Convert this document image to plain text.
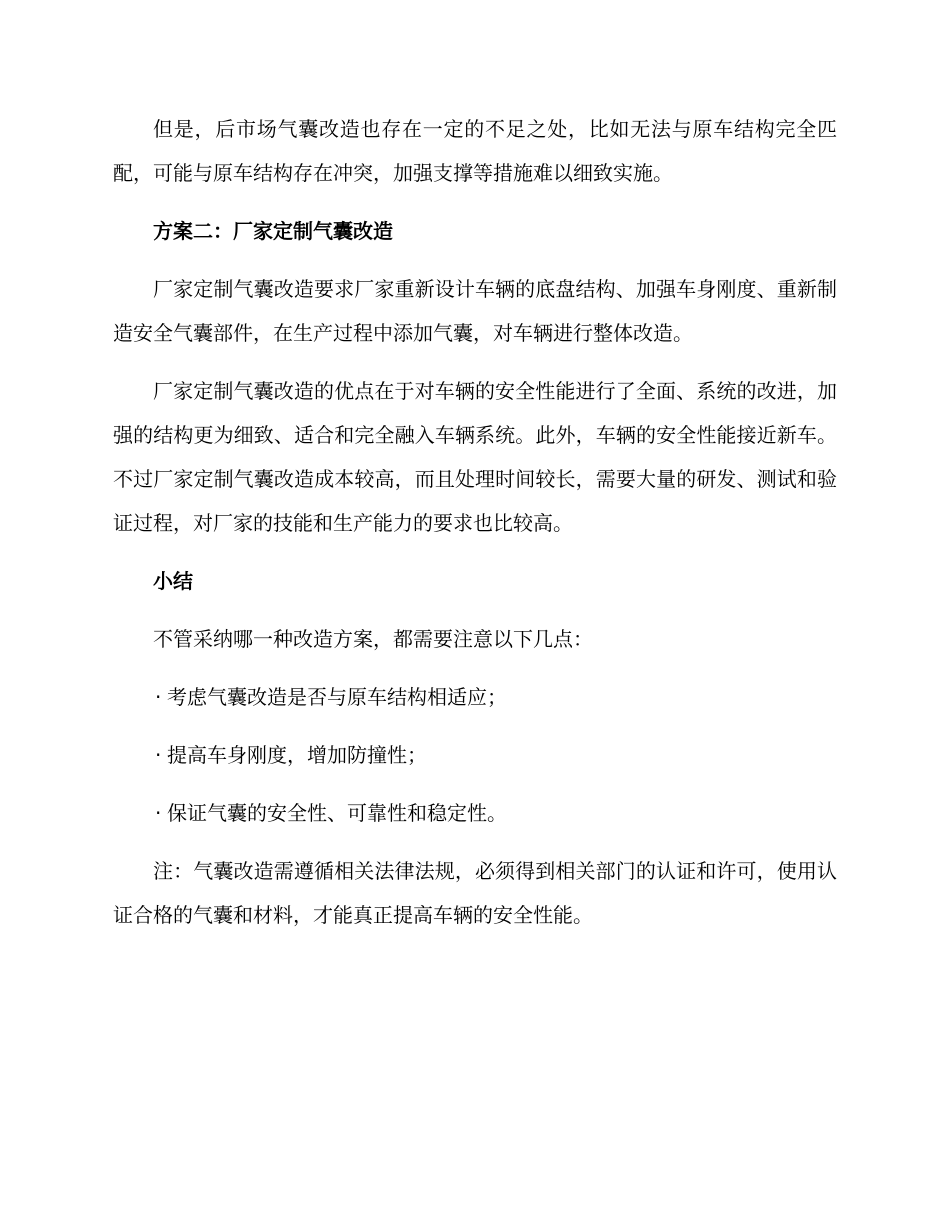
但是，后市场气囊改造也存在一定的不足之处，比如无法与原车结构完全匹配，可能与原车结构存在冲突，加强支撑等措施难以细致实施。

方案二：厂家定制气囊改造

厂家定制气囊改造要求厂家重新设计车辆的底盘结构、加强车身刚度、重新制造安全气囊部件，在生产过程中添加气囊，对车辆进行整体改造。

厂家定制气囊改造的优点在于对车辆的安全性能进行了全面、系统的改进，加强的结构更为细致、适合和完全融入车辆系统。此外，车辆的安全性能接近新车。不过厂家定制气囊改造成本较高，而且处理时间较长，需要大量的研发、测试和验证过程，对厂家的技能和生产能力的要求也比较高。

小结

不管采纳哪一种改造方案，都需要注意以下几点：

· 考虑气囊改造是否与原车结构相适应；

· 提高车身刚度，增加防撞性；

· 保证气囊的安全性、可靠性和稳定性。

注：气囊改造需遵循相关法律法规，必须得到相关部门的认证和许可，使用认证合格的气囊和材料，才能真正提高车辆的安全性能。
